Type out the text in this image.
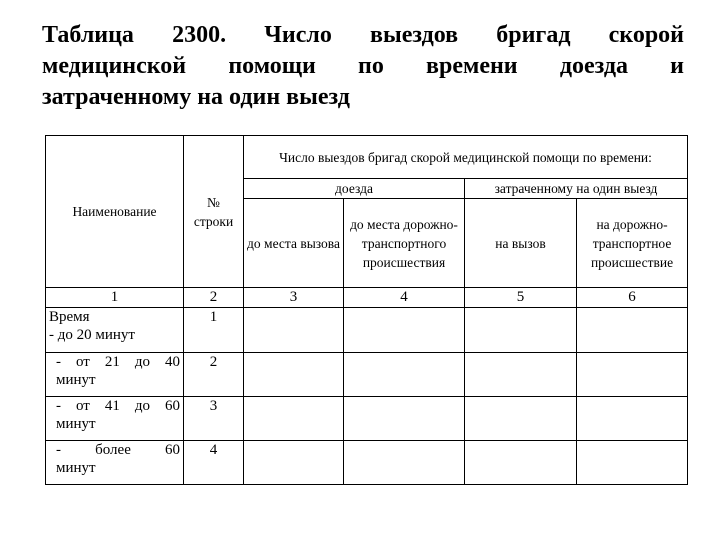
Таблица 2300. Число выездов бригад скорой
медицинской помощи по времени доезда и
затраченному на один выезд
Наименование	№ строки	Число выездов бригад скорой медицинской помощи по времени:			
		доезда		затраченному на один выезд	
		до места вызова	до места дорожно-транспортного происшествия	на вызов	на дорожно-транспортное происшествие
1	2	3	4	5	6

Время
- до 20 минут	1				

- от 21 до 40
минут	2				

- от 41 до 60
минут	3				

- более 60
минут	4				
